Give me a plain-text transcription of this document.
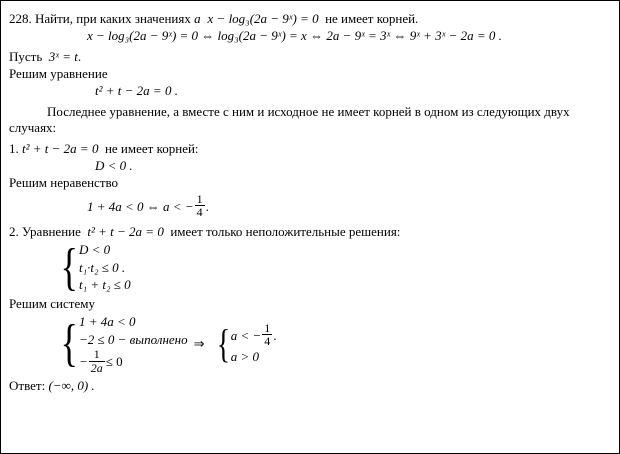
228. Найти, при каких значениях a x − log₃(2a − 9ˣ) = 0 не имеет корней.
x − log₃(2a − 9ˣ) = 0 ⇔ log₃(2a − 9ˣ) = x ⇔ 2a − 9ˣ = 3ˣ ⇔ 9ˣ + 3ˣ − 2a = 0 .
Пусть 3ˣ = t.
Решим уравнение
t² + t − 2a = 0 .
Последнее уравнение, а вместе с ним и исходное не имеет корней в одном из следующих двух случаях:
1. t² + t − 2a = 0 не имеет корней:
D < 0 .
Решим неравенство
1 + 4a < 0 ⇔ a < − $\frac{1}{4}$ .
2. Уравнение t² + t − 2a = 0 имеет только неположительные решения:
{ D < 0
t₁·t₂ ≤ 0 .
t₁ + t₂ ≤ 0
Решим систему
{ 1 + 4a < 0
−2 ≤ 0 − выполнено
− $\frac{1}{2a} \le 0$
⇒ { a < − $\frac{1}{4}$ .
a > 0
Ответ: (−∞, 0) .
